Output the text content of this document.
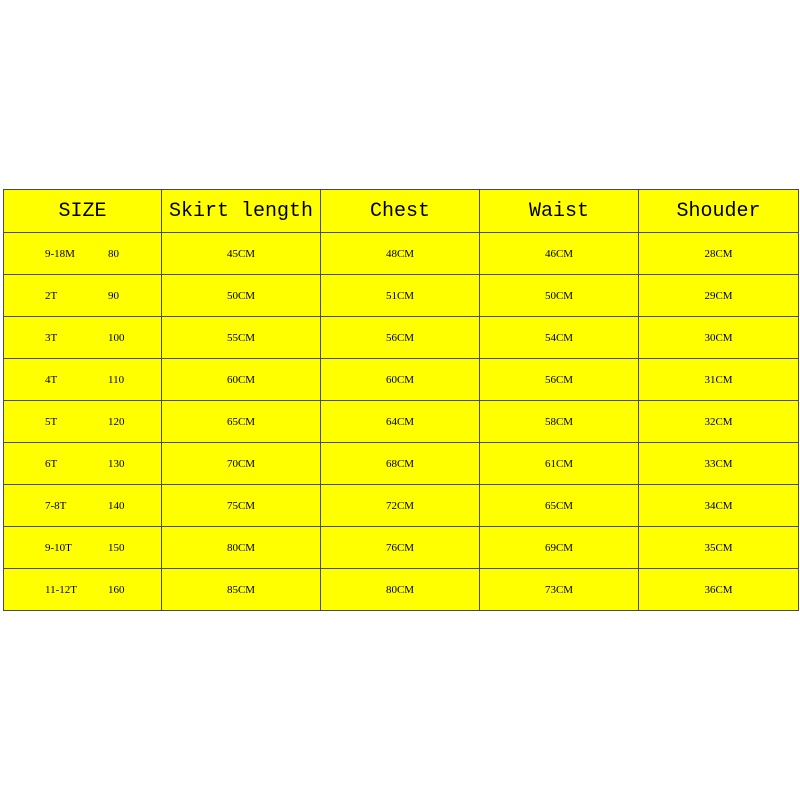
SIZE	Skirt length	Chest	Waist	Shouder

9-18M 80	45CM	48CM	46CM	28CM

2T 90	50CM	51CM	50CM	29CM

3T 100	55CM	56CM	54CM	30CM

4T 110	60CM	60CM	56CM	31CM

5T 120	65CM	64CM	58CM	32CM

6T 130	70CM	68CM	61CM	33CM

7-8T 140	75CM	72CM	65CM	34CM

9-10T 150	80CM	76CM	69CM	35CM

11-12T 160	85CM	80CM	73CM	36CM
